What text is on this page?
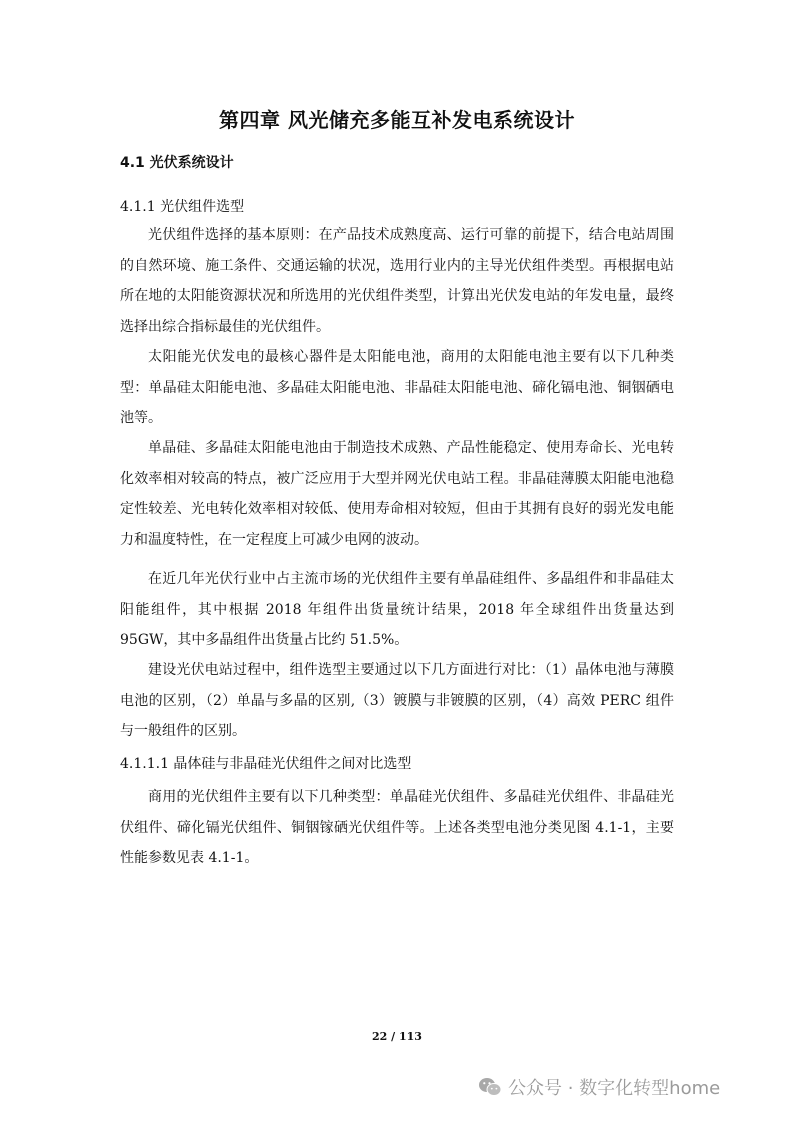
第四章 风光储充多能互补发电系统设计
4.1 光伏系统设计
4.1.1 光伏组件选型

光伏组件选择的基本原则：在产品技术成熟度高、运行可靠的前提下，结合电站周围的自然环境、施工条件、交通运输的状况，选用行业内的主导光伏组件类型。再根据电站所在地的太阳能资源状况和所选用的光伏组件类型，计算出光伏发电站的年发电量，最终选择出综合指标最佳的光伏组件。

太阳能光伏发电的最核心器件是太阳能电池，商用的太阳能电池主要有以下几种类型：单晶硅太阳能电池、多晶硅太阳能电池、非晶硅太阳能电池、碲化镉电池、铜铟硒电池等。

单晶硅、多晶硅太阳能电池由于制造技术成熟、产品性能稳定、使用寿命长、光电转化效率相对较高的特点，被广泛应用于大型并网光伏电站工程。非晶硅薄膜太阳能电池稳定性较差、光电转化效率相对较低、使用寿命相对较短，但由于其拥有良好的弱光发电能力和温度特性，在一定程度上可减少电网的波动。

在近几年光伏行业中占主流市场的光伏组件主要有单晶硅组件、多晶组件和非晶硅太阳能组件，其中根据 2018 年组件出货量统计结果，2018 年全球组件出货量达到 95GW，其中多晶组件出货量占比约 51.5%。

建设光伏电站过程中，组件选型主要通过以下几方面进行对比：（1）晶体电池与薄膜电池的区别，（2）单晶与多晶的区别,（3）镀膜与非镀膜的区别，（4）高效 PERC 组件与一般组件的区别。

4.1.1.1 晶体硅与非晶硅光伏组件之间对比选型

商用的光伏组件主要有以下几种类型：单晶硅光伏组件、多晶硅光伏组件、非晶硅光伏组件、碲化镉光伏组件、铜铟镓硒光伏组件等。上述各类型电池分类见图 4.1-1，主要性能参数见表 4.1-1。

22 / 113
公众号 · 数字化转型home
